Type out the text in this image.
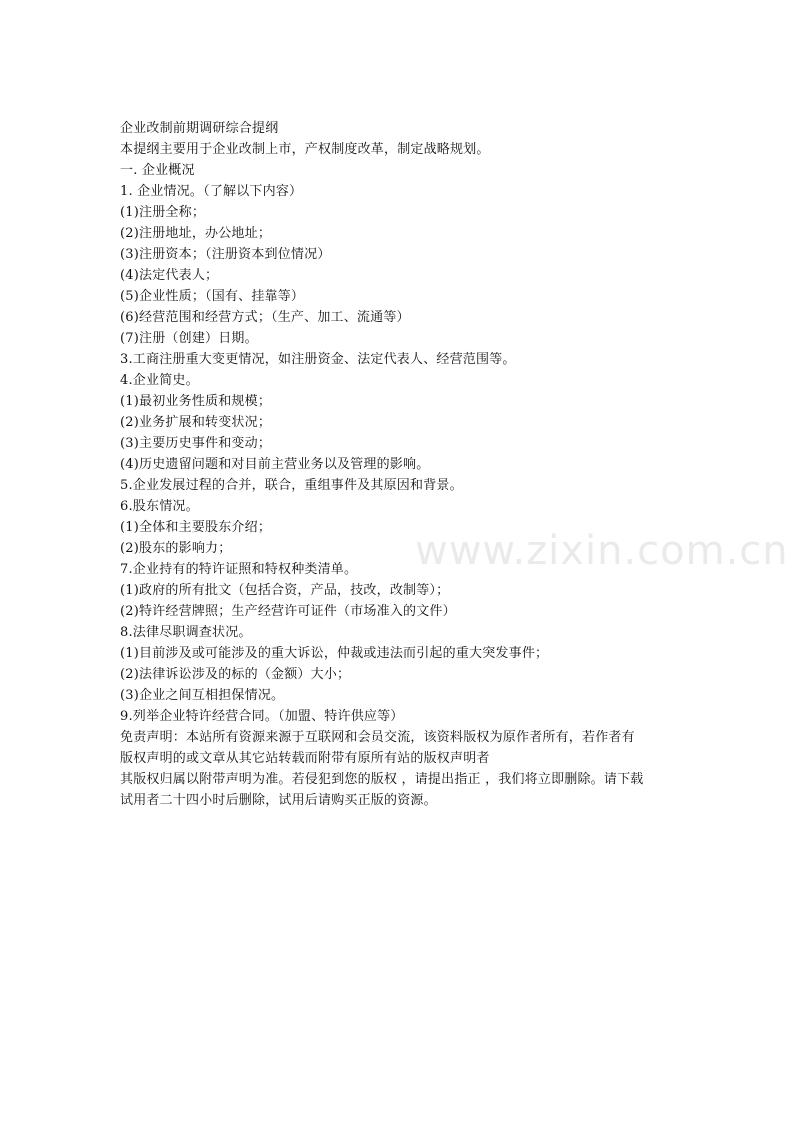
企业改制前期调研综合提纲
本提纲主要用于企业改制上市，产权制度改革，制定战略规划。
一. 企业概况
1. 企业情况。（了解以下内容）
(1)注册全称；
(2)注册地址，办公地址；
(3)注册资本；（注册资本到位情况）
(4)法定代表人；
(5)企业性质；（国有、挂靠等）
(6)经营范围和经营方式；（生产、加工、流通等）
(7)注册（创建）日期。
3.工商注册重大变更情况，如注册资金、法定代表人、经营范围等。
4.企业简史。
(1)最初业务性质和规模；
(2)业务扩展和转变状况；
(3)主要历史事件和变动；
(4)历史遗留问题和对目前主营业务以及管理的影响。
5.企业发展过程的合并，联合，重组事件及其原因和背景。
6.股东情况。
(1)全体和主要股东介绍；
(2)股东的影响力；
7.企业持有的特许证照和特权种类清单。
(1)政府的所有批文（包括合资，产品，技改，改制等）；
(2)特许经营牌照；生产经营许可证件（市场准入的文件）
8.法律尽职调查状况。
(1)目前涉及或可能涉及的重大诉讼，仲裁或违法而引起的重大突发事件；
(2)法律诉讼涉及的标的（金额）大小；
(3)企业之间互相担保情况。
9.列举企业特许经营合同。（加盟、特许供应等）
免责声明：本站所有资源来源于互联网和会员交流，该资料版权为原作者所有，若作者有
版权声明的或文章从其它站转载而附带有原所有站的版权声明者
其版权归属以附带声明为准。若侵犯到您的版权 ，请提出指正 ，我们将立即删除。请下载
试用者二十四小时后删除，试用后请购买正版的资源。
www.zixin.com.cn
